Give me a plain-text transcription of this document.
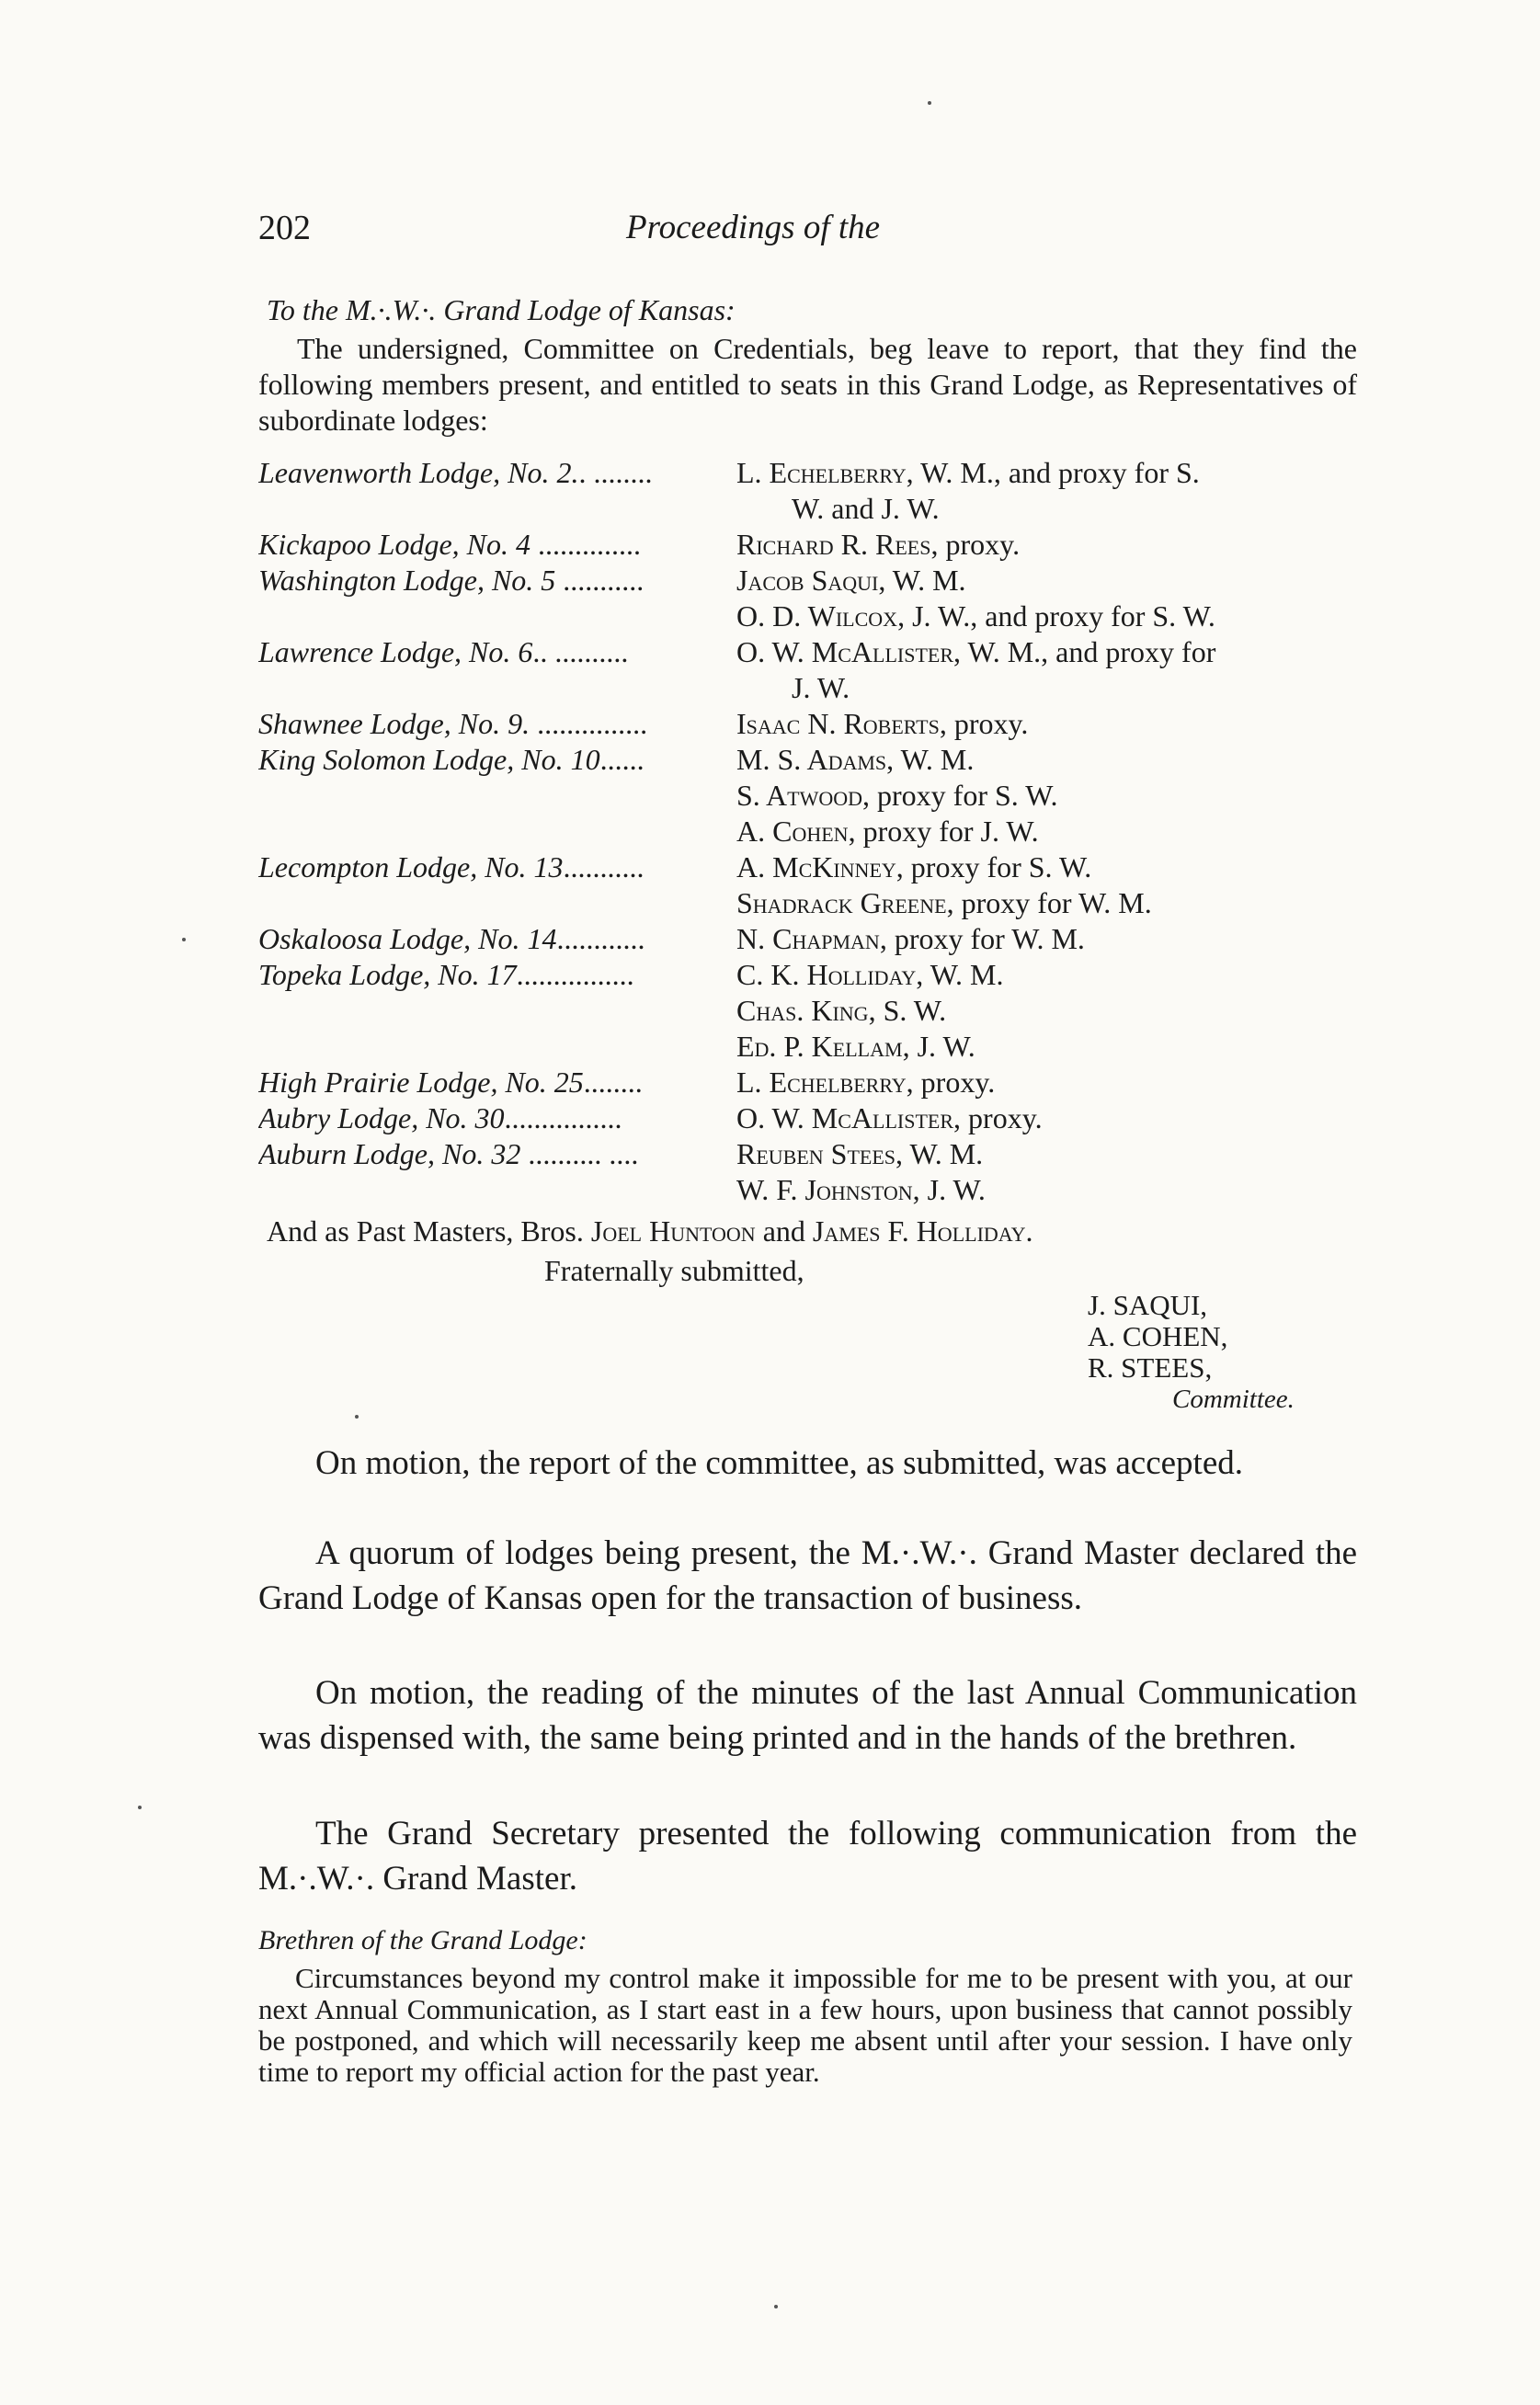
202	Proceedings of the
To the M.·.W.·. Grand Lodge of Kansas:
The undersigned, Committee on Credentials, beg leave to report, that they find the following members present, and entitled to seats in this Grand Lodge, as Representatives of subordinate lodges:
Leavenworth Lodge, No. 2.. ........	L. Echelberry, W. M., and proxy for S.
W. and J. W.
Kickapoo Lodge, No. 4 ..............	Richard R. Rees, proxy.
Washington Lodge, No. 5 ...........	Jacob Saqui, W. M.
O. D. Wilcox, J. W., and proxy for S. W.
Lawrence Lodge, No. 6.. ..........	O. W. McAllister, W. M., and proxy for
J. W.
Shawnee Lodge, No. 9. ...............	Isaac N. Roberts, proxy.
King Solomon Lodge, No. 10......	M. S. Adams, W. M.
S. Atwood, proxy for S. W.
A. Cohen, proxy for J. W.
Lecompton Lodge, No. 13...........	A. McKinney, proxy for S. W.
Shadrack Greene, proxy for W. M.
Oskaloosa Lodge, No. 14............	N. Chapman, proxy for W. M.
Topeka Lodge, No. 17................	C. K. Holliday, W. M.
Chas. King, S. W.
Ed. P. Kellam, J. W.
High Prairie Lodge, No. 25........	L. Echelberry, proxy.
Aubry Lodge, No. 30................	O. W. McAllister, proxy.
Auburn Lodge, No. 32 .......... ....	Reuben Stees, W. M.
W. F. Johnston, J. W.
And as Past Masters, Bros. Joel Huntoon and James F. Holliday.
Fraternally submitted,
J. SAQUI,
A. COHEN,
R. STEES,
Committee.
On motion, the report of the committee, as submitted, was accepted.
A quorum of lodges being present, the M.·.W.·. Grand Master declared the Grand Lodge of Kansas open for the transaction of business.
On motion, the reading of the minutes of the last Annual Communication was dispensed with, the same being printed and in the hands of the brethren.
The Grand Secretary presented the following communication from the M.·.W.·. Grand Master.
Brethren of the Grand Lodge:
Circumstances beyond my control make it impossible for me to be present with you, at our next Annual Communication, as I start east in a few hours, upon business that cannot possibly be postponed, and which will necessarily keep me absent until after your session. I have only time to report my official action for the past year.
